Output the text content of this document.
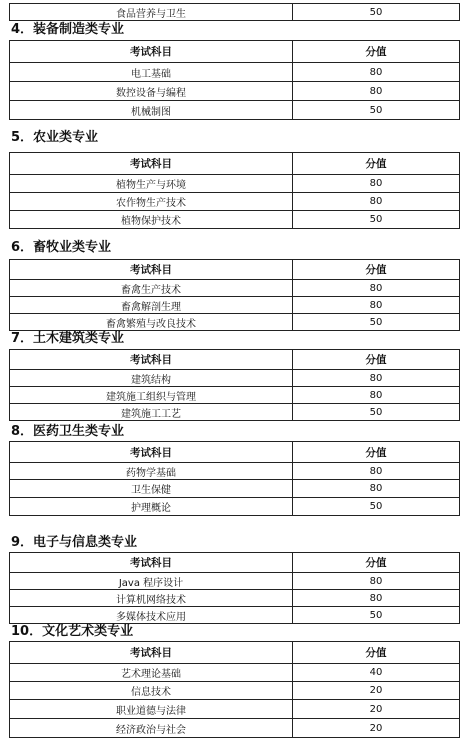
食品营养与卫生	50
4．装备制造类专业
考试科目	分值
电工基础	80
数控设备与编程	80
机械制图	50
5．农业类专业
考试科目	分值
植物生产与环境	80
农作物生产技术	80
植物保护技术	50
6．畜牧业类专业
考试科目	分值
畜禽生产技术	80
畜禽解剖生理	80
畜禽繁殖与改良技术	50
7．土木建筑类专业
考试科目	分值
建筑结构	80
建筑施工组织与管理	80
建筑施工工艺	50
8．医药卫生类专业
考试科目	分值
药物学基础	80
卫生保健	80
护理概论	50
9．电子与信息类专业
考试科目	分值
Java 程序设计	80
计算机网络技术	80
多媒体技术应用	50
10．文化艺术类专业
考试科目	分值
艺术理论基础	40
信息技术	20
职业道德与法律	20
经济政治与社会	20
